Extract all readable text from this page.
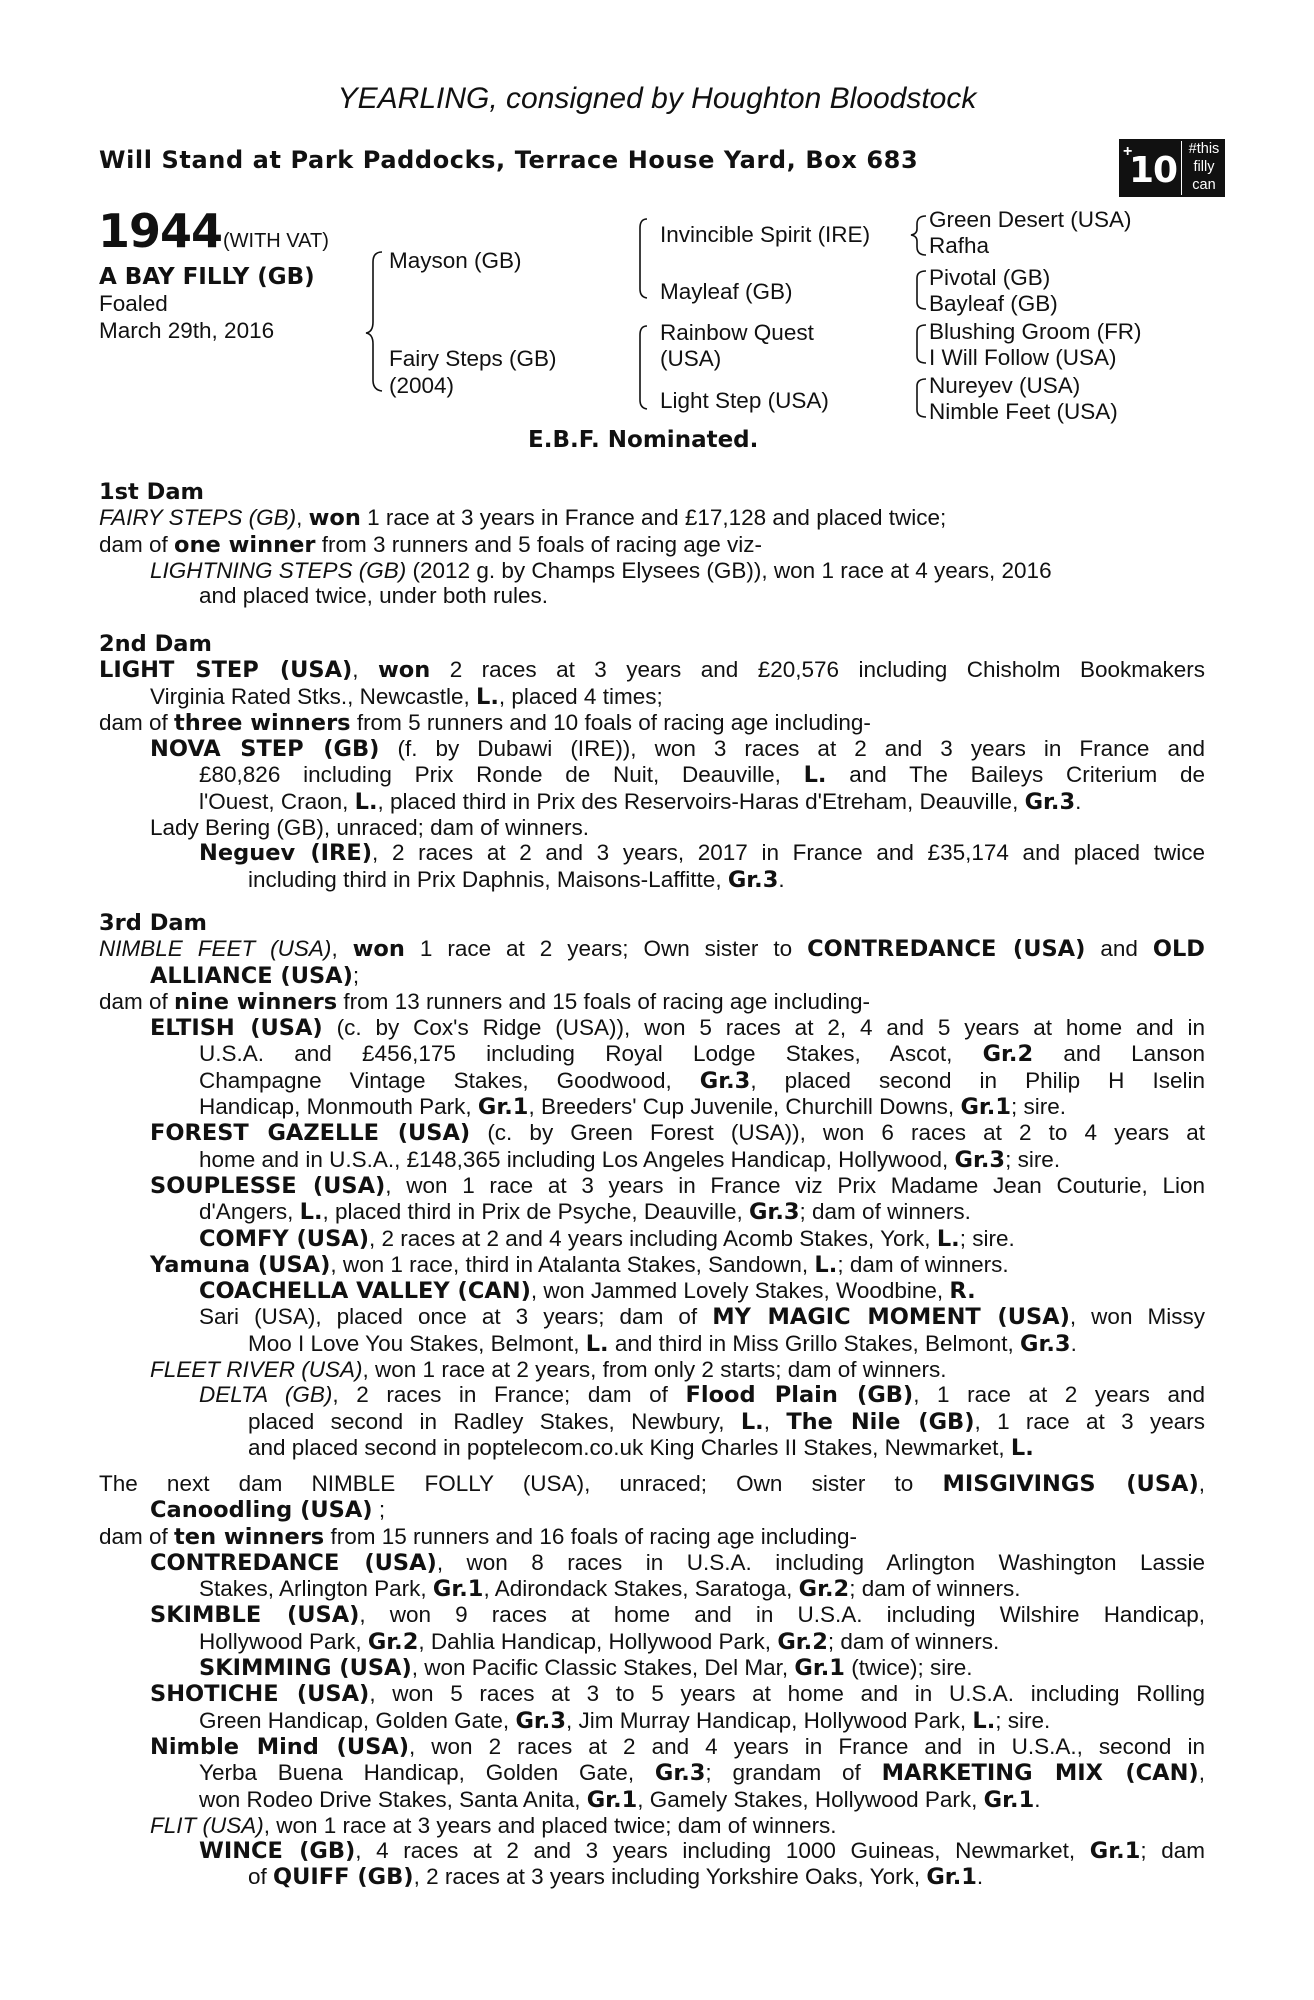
YEARLING, consigned by Houghton Bloodstock
Will Stand at Park Paddocks, Terrace House Yard, Box 683	+
10
#this
filly
can
1944 (WITH VAT)
A BAY FILLY (GB)
Foaled
March 29th, 2016
Mayson (GB)
Fairy Steps (GB)
(2004)
Invincible Spirit (IRE)
Mayleaf (GB)
Rainbow Quest
(USA)
Light Step (USA)
Green Desert (USA)
Rafha
Pivotal (GB)
Bayleaf (GB)
Blushing Groom (FR)
I Will Follow (USA)
Nureyev (USA)
Nimble Feet (USA)
E.B.F. Nominated.
1st Dam
FAIRY STEPS (GB), won 1 race at 3 years in France and £17,128 and placed twice;
dam of one winner from 3 runners and 5 foals of racing age viz-
LIGHTNING STEPS (GB) (2012 g. by Champs Elysees (GB)), won 1 race at 4 years, 2016
and placed twice, under both rules.
2nd Dam
LIGHT STEP (USA), won 2 races at 3 years and £20,576 including Chisholm Bookmakers
Virginia Rated Stks., Newcastle, L., placed 4 times;
dam of three winners from 5 runners and 10 foals of racing age including-
NOVA STEP (GB) (f. by Dubawi (IRE)), won 3 races at 2 and 3 years in France and
£80,826 including Prix Ronde de Nuit, Deauville, L. and The Baileys Criterium de
l'Ouest, Craon, L., placed third in Prix des Reservoirs-Haras d'Etreham, Deauville, Gr.3.
Lady Bering (GB), unraced; dam of winners.
Neguev (IRE), 2 races at 2 and 3 years, 2017 in France and £35,174 and placed twice
including third in Prix Daphnis, Maisons-Laffitte, Gr.3.
3rd Dam
NIMBLE FEET (USA), won 1 race at 2 years; Own sister to CONTREDANCE (USA) and OLD
ALLIANCE (USA);
dam of nine winners from 13 runners and 15 foals of racing age including-
ELTISH (USA) (c. by Cox's Ridge (USA)), won 5 races at 2, 4 and 5 years at home and in
U.S.A. and £456,175 including Royal Lodge Stakes, Ascot, Gr.2 and Lanson
Champagne Vintage Stakes, Goodwood, Gr.3, placed second in Philip H Iselin
Handicap, Monmouth Park, Gr.1, Breeders' Cup Juvenile, Churchill Downs, Gr.1; sire.
FOREST GAZELLE (USA) (c. by Green Forest (USA)), won 6 races at 2 to 4 years at
home and in U.S.A., £148,365 including Los Angeles Handicap, Hollywood, Gr.3; sire.
SOUPLESSE (USA), won 1 race at 3 years in France viz Prix Madame Jean Couturie, Lion
d'Angers, L., placed third in Prix de Psyche, Deauville, Gr.3; dam of winners.
COMFY (USA), 2 races at 2 and 4 years including Acomb Stakes, York, L.; sire.
Yamuna (USA), won 1 race, third in Atalanta Stakes, Sandown, L.; dam of winners.
COACHELLA VALLEY (CAN), won Jammed Lovely Stakes, Woodbine, R.
Sari (USA), placed once at 3 years; dam of MY MAGIC MOMENT (USA), won Missy
Moo I Love You Stakes, Belmont, L. and third in Miss Grillo Stakes, Belmont, Gr.3.
FLEET RIVER (USA), won 1 race at 2 years, from only 2 starts; dam of winners.
DELTA (GB), 2 races in France; dam of Flood Plain (GB), 1 race at 2 years and
placed second in Radley Stakes, Newbury, L., The Nile (GB), 1 race at 3 years
and placed second in poptelecom.co.uk King Charles II Stakes, Newmarket, L.
The next dam NIMBLE FOLLY (USA), unraced; Own sister to MISGIVINGS (USA),
Canoodling (USA) ;
dam of ten winners from 15 runners and 16 foals of racing age including-
CONTREDANCE (USA), won 8 races in U.S.A. including Arlington Washington Lassie
Stakes, Arlington Park, Gr.1, Adirondack Stakes, Saratoga, Gr.2; dam of winners.
SKIMBLE (USA), won 9 races at home and in U.S.A. including Wilshire Handicap,
Hollywood Park, Gr.2, Dahlia Handicap, Hollywood Park, Gr.2; dam of winners.
SKIMMING (USA), won Pacific Classic Stakes, Del Mar, Gr.1 (twice); sire.
SHOTICHE (USA), won 5 races at 3 to 5 years at home and in U.S.A. including Rolling
Green Handicap, Golden Gate, Gr.3, Jim Murray Handicap, Hollywood Park, L.; sire.
Nimble Mind (USA), won 2 races at 2 and 4 years in France and in U.S.A., second in
Yerba Buena Handicap, Golden Gate, Gr.3; grandam of MARKETING MIX (CAN),
won Rodeo Drive Stakes, Santa Anita, Gr.1, Gamely Stakes, Hollywood Park, Gr.1.
FLIT (USA), won 1 race at 3 years and placed twice; dam of winners.
WINCE (GB), 4 races at 2 and 3 years including 1000 Guineas, Newmarket, Gr.1; dam
of QUIFF (GB), 2 races at 3 years including Yorkshire Oaks, York, Gr.1.
